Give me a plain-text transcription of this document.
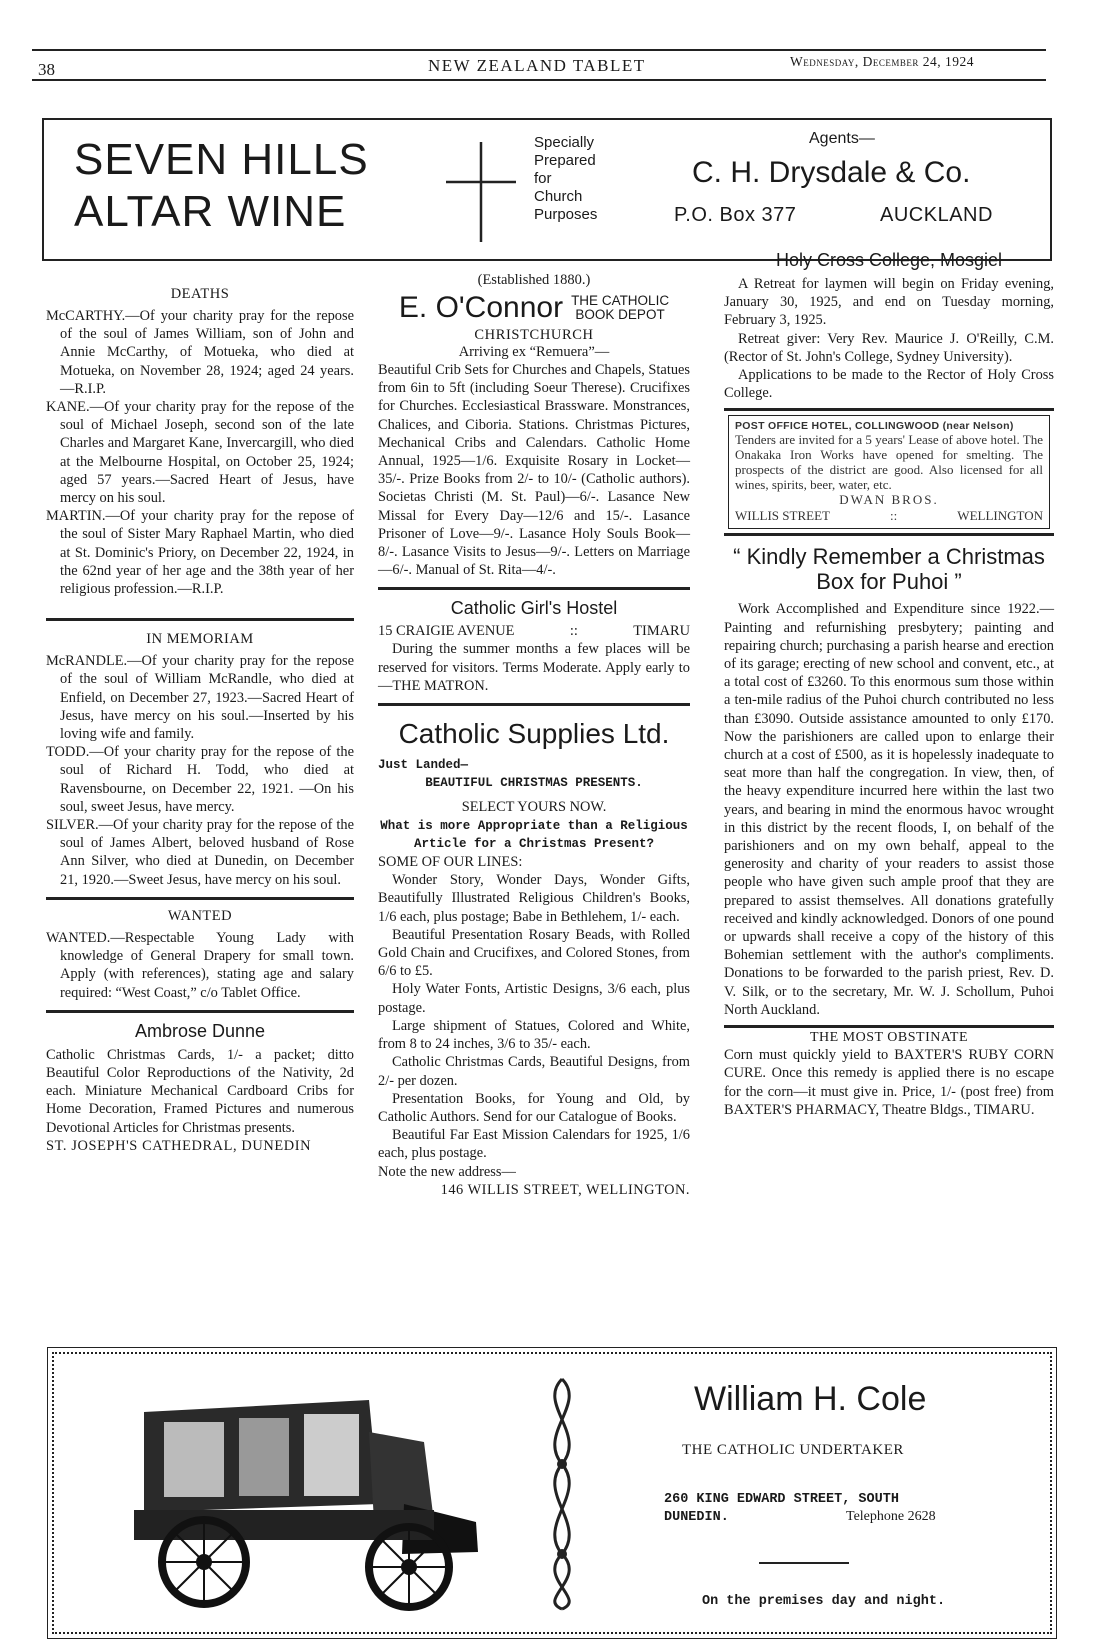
38	NEW ZEALAND TABLET	Wednesday, December 24, 1924
SEVEN HILLS
ALTAR WINE
Specially
Prepared
for
Church
Purposes
Agents—
C. H. Drysdale & Co.
P.O. Box 377	AUCKLAND
DEATHS

McCARTHY.—Of your charity pray for the repose of the soul of James William, son of John and Annie McCarthy, of Motueka, who died at Motueka, on November 28, 1924; aged 24 years.—R.I.P.

KANE.—Of your charity pray for the repose of the soul of Michael Joseph, second son of the late Charles and Margaret Kane, Invercargill, who died at the Melbourne Hospital, on October 25, 1924; aged 57 years.—Sacred Heart of Jesus, have mercy on his soul.

MARTIN.—Of your charity pray for the repose of the soul of Sister Mary Raphael Martin, who died at St. Dominic's Priory, on December 22, 1924, in the 62nd year of her age and the 38th year of her religious profession.—R.I.P.

IN MEMORIAM

McRANDLE.—Of your charity pray for the repose of the soul of William McRandle, who died at Enfield, on December 27, 1923.—Sacred Heart of Jesus, have mercy on his soul.—Inserted by his loving wife and family.

TODD.—Of your charity pray for the repose of the soul of Richard H. Todd, who died at Ravensbourne, on December 22, 1921. —On his soul, sweet Jesus, have mercy.

SILVER.—Of your charity pray for the repose of the soul of James Albert, beloved husband of Rose Ann Silver, who died at Dunedin, on December 21, 1920.—Sweet Jesus, have mercy on his soul.

WANTED

WANTED.—Respectable Young Lady with knowledge of General Drapery for small town. Apply (with references), stating age and salary required: “West Coast,” c/o Tablet Office.

Ambrose Dunne

Catholic Christmas Cards, 1/- a packet; ditto Beautiful Color Reproductions of the Nativity, 2d each. Miniature Mechanical Cardboard Cribs for Home Decoration, Framed Pictures and numerous Devotional Articles for Christmas presents.

ST. JOSEPH'S CATHEDRAL, DUNEDIN

(Established 1880.)
E. O'Connor THE CATHOLIC
BOOK DEPOT
CHRISTCHURCH
Arriving ex “Remuera”—

Beautiful Crib Sets for Churches and Chapels, Statues from 6in to 5ft (including Soeur Therese). Crucifixes for Churches. Ecclesiastical Brassware. Monstrances, Chalices, and Ciboria. Stations. Christmas Pictures, Mechanical Cribs and Calendars. Catholic Home Annual, 1925—1/6. Exquisite Rosary in Locket—35/-. Prize Books from 2/- to 10/- (Catholic authors). Societas Christi (M. St. Paul)—6/-. Lasance New Missal for Every Day—12/6 and 15/-. Lasance Prisoner of Love—9/-. Lasance Holy Souls Book— 8/-. Lasance Visits to Jesus—9/-. Letters on Marriage—6/-. Manual of St. Rita—4/-.

Catholic Girl's Hostel
15 CRAIGIE AVENUE	::	TIMARU

During the summer months a few places will be reserved for visitors. Terms Moderate. Apply early to—THE MATRON.

Catholic Supplies Ltd.

Just Landed—

BEAUTIFUL CHRISTMAS PRESENTS.

SELECT YOURS NOW.

What is more Appropriate than a Religious Article for a Christmas Present?

SOME OF OUR LINES:

Wonder Story, Wonder Days, Wonder Gifts, Beautifully Illustrated Religious Children's Books, 1/6 each, plus postage; Babe in Bethlehem, 1/- each.

Beautiful Presentation Rosary Beads, with Rolled Gold Chain and Crucifixes, and Colored Stones, from 6/6 to £5.

Holy Water Fonts, Artistic Designs, 3/6 each, plus postage.

Large shipment of Statues, Colored and White, from 8 to 24 inches, 3/6 to 35/- each.

Catholic Christmas Cards, Beautiful Designs, from 2/- per dozen.

Presentation Books, for Young and Old, by Catholic Authors. Send for our Catalogue of Books.

Beautiful Far East Mission Calendars for 1925, 1/6 each, plus postage.

Note the new address—

146 WILLIS STREET, WELLINGTON.

Holy Cross College, Mosgiel

A Retreat for laymen will begin on Friday evening, January 30, 1925, and end on Tuesday morning, February 3, 1925.

Retreat giver: Very Rev. Maurice J. O'Reilly, C.M. (Rector of St. John's College, Sydney University).

Applications to be made to the Rector of Holy Cross College.

POST OFFICE HOTEL, COLLINGWOOD (near Nelson)

Tenders are invited for a 5 years' Lease of above hotel. The Onakaka Iron Works have opened for smelting. The prospects of the district are good. Also licensed for all wines, spirits, beer, water, etc.

DWAN BROS.
WILLIS STREET	::	WELLINGTON
“ Kindly Remember a Christmas
Box for Puhoi ”

Work Accomplished and Expenditure since 1922.—Painting and refurnishing presbytery; painting and repairing church; purchasing a parish hearse and erection of its garage; erecting of new school and convent, etc., at a total cost of £3260. To this enormous sum those within a ten-mile radius of the Puhoi church contributed no less than £3090. Outside assistance amounted to only £170. Now the parishioners are called upon to enlarge their church at a cost of £500, as it is hopelessly inadequate to seat more than half the congregation. In view, then, of the heavy expenditure incurred here within the last two years, and bearing in mind the enormous havoc wrought in this district by the recent floods, I, on behalf of the parishioners and on my own behalf, appeal to the generosity and charity of your readers to assist those people who have given such ample proof that they are prepared to assist themselves. All donations gratefully received and kindly acknowledged. Donors of one pound or upwards shall receive a copy of the history of this Bohemian settlement with the author's compliments. Donations to be forwarded to the parish priest, Rev. D. V. Silk, or to the secretary, Mr. W. J. Schollum, Puhoi North Auckland.

THE MOST OBSTINATE

Corn must quickly yield to BAXTER'S RUBY CORN CURE. Once this remedy is applied there is no escape for the corn—it must give in. Price, 1/- (post free) from BAXTER'S PHARMACY, Theatre Bldgs., TIMARU.

William H. Cole
THE CATHOLIC UNDERTAKER
260 KING EDWARD STREET, SOUTH
DUNEDIN.	Telephone 2628
On the premises day and night.
